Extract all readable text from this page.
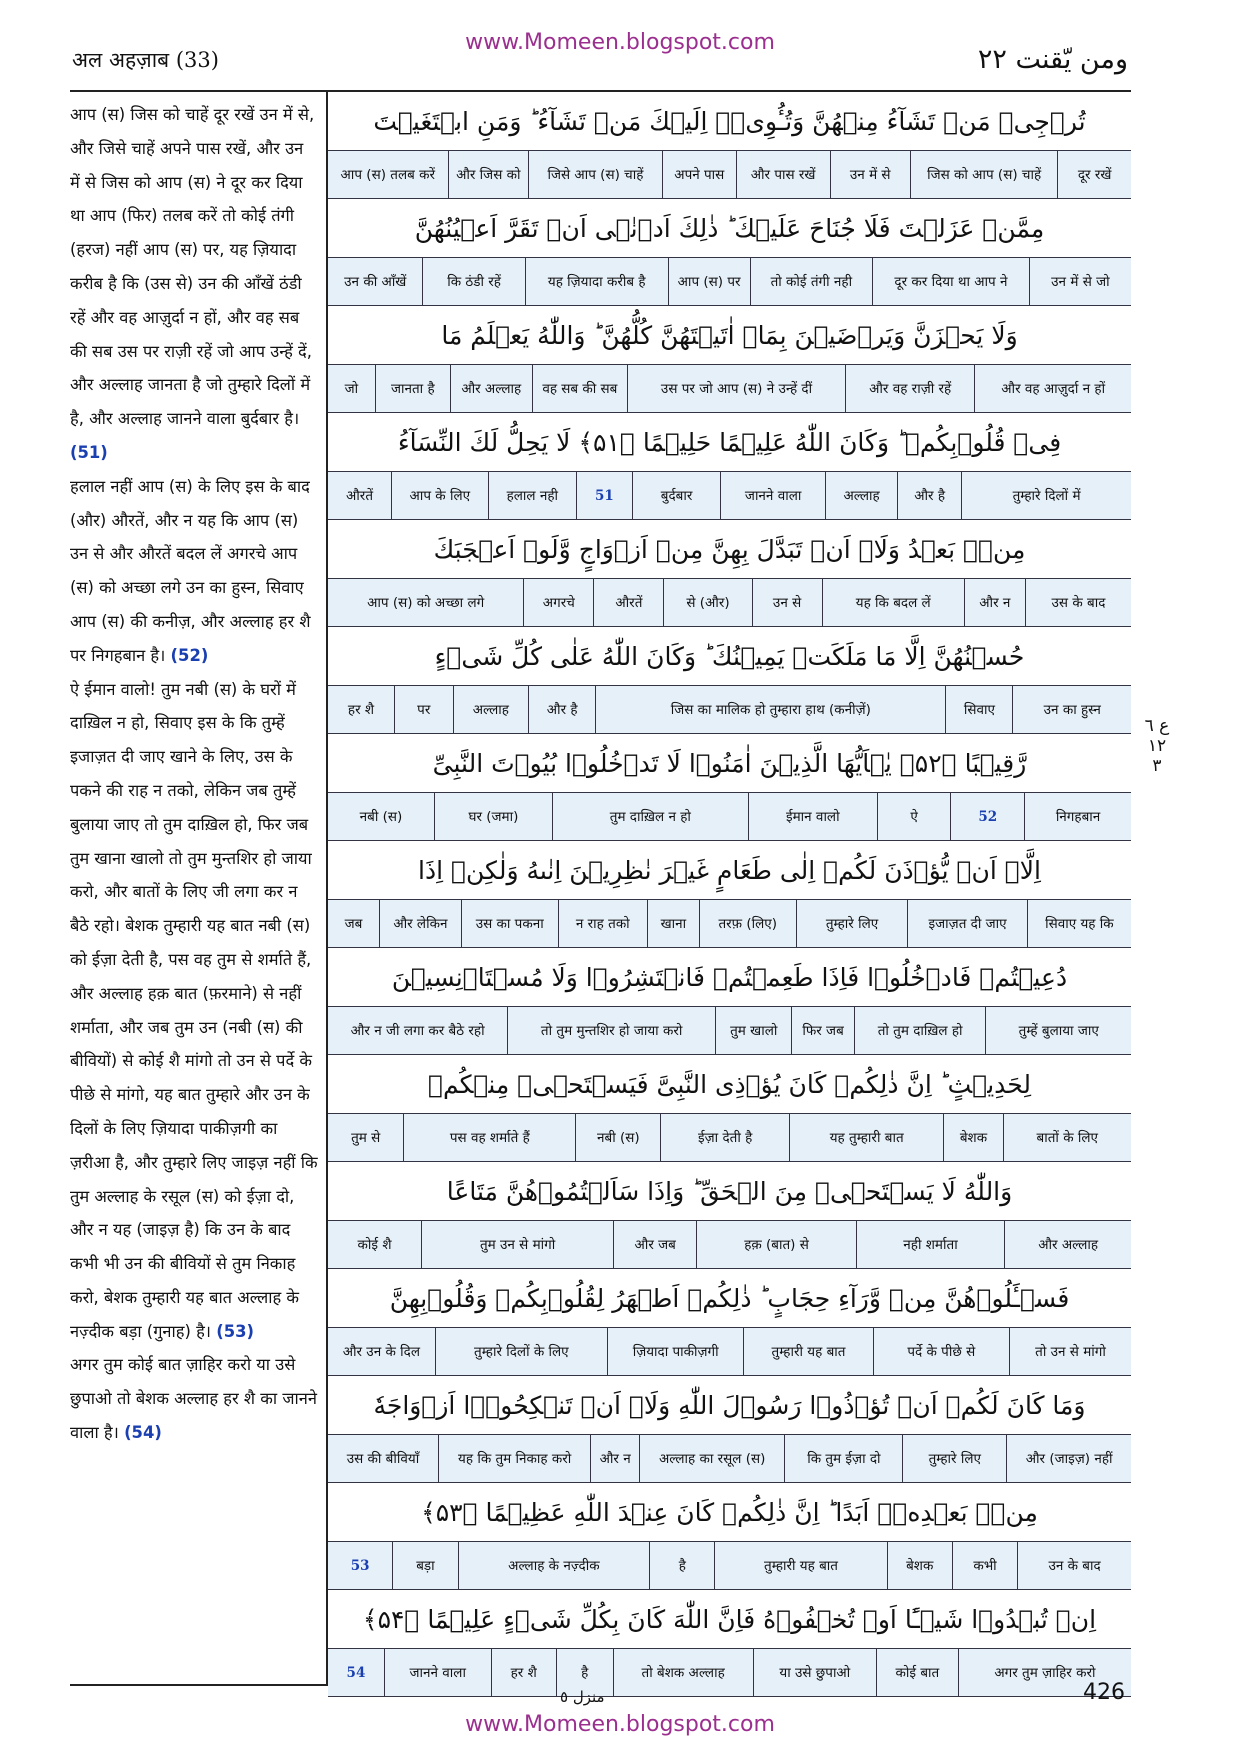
अल अहज़ाब (33)
www.Momeen.blogspot.com
ومن يّقنت ٢٢

आप (स) जिस को चाहें दूर रखें उन में से, और जिसे चाहें अपने पास रखें, और उन में से जिस को आप (स) ने दूर कर दिया था आप (फिर) तलब करें तो कोई तंगी (हरज) नहीं आप (स) पर, यह ज़ियादा करीब है कि (उस से) उन की आँखें ठंडी रहें और वह आज़ुर्दा न हों, और वह सब की सब उस पर राज़ी रहें जो आप उन्हें दें, और अल्लाह जानता है जो तुम्हारे दिलों में है, और अल्लाह जानने वाला बुर्दबार है। (51)

हलाल नहीं आप (स) के लिए इस के बाद (और) औरतें, और न यह कि आप (स) उन से और औरतें बदल लें अगरचे आप (स) को अच्छा लगे उन का हुस्न, सिवाए आप (स) की कनीज़, और अल्लाह हर शै पर निगहबान है। (52)

ऐ ईमान वालो! तुम नबी (स) के घरों में दाख़िल न हो, सिवाए इस के कि तुम्हें इजाज़त दी जाए खाने के लिए, उस के पकने की राह न तको, लेकिन जब तुम्हें बुलाया जाए तो तुम दाख़िल हो, फिर जब तुम खाना खालो तो तुम मुन्तशिर हो जाया करो, और बातों के लिए जी लगा कर न बैठे रहो। बेशक तुम्हारी यह बात नबी (स) को ईज़ा देती है, पस वह तुम से शर्माते हैं, और अल्लाह हक़ बात (फ़रमाने) से नहीं शर्माता, और जब तुम उन (नबी (स) की बीवियों) से कोई शै मांगो तो उन से पर्दे के पीछे से मांगो, यह बात तुम्हारे और उन के दिलों के लिए ज़ियादा पाकीज़गी का ज़रीआ है, और तुम्हारे लिए जाइज़ नहीं कि तुम अल्लाह के रसूल (स) को ईज़ा दो, और न यह (जाइज़ है) कि उन के बाद कभी भी उन की बीवियों से तुम निकाह करो, बेशक तुम्हारी यह बात अल्लाह के नज़्दीक बड़ा (गुनाह) है। (53)

अगर तुम कोई बात ज़ाहिर करो या उसे छुपाओ तो बेशक अल्लाह हर शै का जानने वाला है। (54)

تُرۡجِیۡ مَنۡ تَشَآءُ مِنۡهُنَّ وَتُـُٔوِیۡۤ اِلَیۡكَ مَنۡ تَشَآءُ ؕ وَمَنِ ابۡتَغَیۡتَ
दूर रखें
जिस को आप (स) चाहें
उन में से
और पास रखें
अपने पास
जिसे आप (स) चाहें
और जिस को
आप (स) तलब करें
مِمَّنۡ عَزَلۡتَ فَلَا جُنَاحَ عَلَیۡكَ ؕ ذٰلِكَ اَدۡنٰۤی اَنۡ تَقَرَّ اَعۡیُنُهُنَّ
उन में से जो
दूर कर दिया था आप ने
तो कोई तंगी नही
आप (स) पर
यह ज़ियादा करीब है
कि ठंडी रहें
उन की आँखें
وَلَا یَحۡزَنَّ وَیَرۡضَیۡنَ بِمَاۤ اٰتَیۡتَهُنَّ كُلُّهُنَّ ؕ وَاللّٰهُ یَعۡلَمُ مَا
और वह आज़ुर्दा न हों
और वह राज़ी रहें
उस पर जो आप (स) ने उन्हें दीं
वह सब की सब
और अल्लाह
जानता है
जो
فِیۡ قُلُوۡبِكُمۡ ؕ وَكَانَ اللّٰهُ عَلِیۡمًا حَلِیۡمًا ﴿۵۱﴾ لَا یَحِلُّ لَكَ النِّسَآءُ
तुम्हारे दिलों में
और है
अल्लाह
जानने वाला
बुर्दबार
51
हलाल नही
आप के लिए
औरतें
مِنۡۢ بَعۡدُ وَلَاۤ اَنۡ تَبَدَّلَ بِهِنَّ مِنۡ اَزۡوَاجٍ وَّلَوۡ اَعۡجَبَكَ
उस के बाद
और न
यह कि बदल लें
उन से
से (और)
औरतें
अगरचे
आप (स) को अच्छा लगे
حُسۡنُهُنَّ اِلَّا مَا مَلَكَتۡ یَمِیۡنُكَ ؕ وَكَانَ اللّٰهُ عَلٰی كُلِّ شَیۡءٍ
उन का हुस्न
सिवाए
जिस का मालिक हो तुम्हारा हाथ (कनीज़ें)
और है
अल्लाह
पर
हर शै
رَّقِیۡبًا ﴿۵۲﴾ یٰۤاَیُّهَا الَّذِیۡنَ اٰمَنُوۡا لَا تَدۡخُلُوۡا بُیُوۡتَ النَّبِیِّ
निगहबान
52
ऐ
ईमान वालो
तुम दाख़िल न हो
घर (जमा)
नबी (स)
اِلَّاۤ اَنۡ یُّؤۡذَنَ لَكُمۡ اِلٰی طَعَامٍ غَیۡرَ نٰظِرِیۡنَ اِنٰىهُ وَلٰكِنۡ اِذَا
सिवाए यह कि
इजाज़त दी जाए
तुम्हारे लिए
तरफ़ (लिए)
खाना
न राह तको
उस का पकना
और लेकिन
जब
دُعِیۡتُمۡ فَادۡخُلُوۡا فَاِذَا طَعِمۡتُمۡ فَانۡتَشِرُوۡا وَلَا مُسۡتَاۡنِسِیۡنَ
तुम्हें बुलाया जाए
तो तुम दाख़िल हो
फिर जब
तुम खालो
तो तुम मुन्तशिर हो जाया करो
और न जी लगा कर बैठे रहो
لِحَدِیۡثٍ ؕ اِنَّ ذٰلِكُمۡ كَانَ یُؤۡذِی النَّبِیَّ فَیَسۡتَحۡیٖ مِنۡكُمۡ
बातों के लिए
बेशक
यह तुम्हारी बात
ईज़ा देती है
नबी (स)
पस वह शर्माते हैं
तुम से
وَاللّٰهُ لَا یَسۡتَحۡیٖ مِنَ الۡحَقِّ ؕ وَاِذَا سَاَلۡتُمُوۡهُنَّ مَتَاعًا
और अल्लाह
नही शर्माता
हक़ (बात) से
और जब
तुम उन से मांगो
कोई शै
فَسۡـَٔلُوۡهُنَّ مِنۡ وَّرَآءِ حِجَابٍ ؕ ذٰلِكُمۡ اَطۡهَرُ لِقُلُوۡبِكُمۡ وَقُلُوۡبِهِنَّ
तो उन से मांगो
पर्दे के पीछे से
तुम्हारी यह बात
ज़ियादा पाकीज़गी
तुम्हारे दिलों के लिए
और उन के दिल
وَمَا كَانَ لَكُمۡ اَنۡ تُؤۡذُوۡا رَسُوۡلَ اللّٰهِ وَلَاۤ اَنۡ تَنۡكِحُوۡۤا اَزۡوَاجَهٗ
और (जाइज़) नहीं
तुम्हारे लिए
कि तुम ईज़ा दो
अल्लाह का रसूल (स)
और न
यह कि तुम निकाह करो
उस की बीवियाँ
مِنۡۢ بَعۡدِهٖۤ اَبَدًا ؕ اِنَّ ذٰلِكُمۡ كَانَ عِنۡدَ اللّٰهِ عَظِیۡمًا ﴿۵۳﴾
उन के बाद
कभी
बेशक
तुम्हारी यह बात
है
अल्लाह के नज़्दीक
बड़ा
53
اِنۡ تُبۡدُوۡا شَیۡـًٔا اَوۡ تُخۡفُوۡهُ فَاِنَّ اللّٰهَ كَانَ بِكُلِّ شَیۡءٍ عَلِیۡمًا ﴿۵۴﴾
अगर तुम ज़ाहिर करो
कोई बात
या उसे छुपाओ
तो बेशक अल्लाह
है
हर शै
जानने वाला
54
ع ٦ ١٢ ٣
منزل ٥	426
www.Momeen.blogspot.com
